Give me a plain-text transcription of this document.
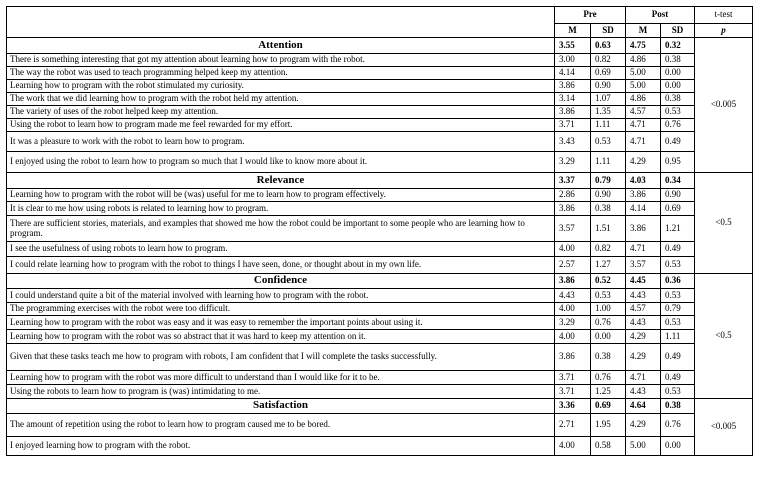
	Pre		Post		t-test
	M	SD	M	SD	p
Attention	3.55	0.63	4.75	0.32	<0.005
There is something interesting that got my attention about learning how to program with the robot.	3.00	0.82	4.86	0.38	
The way the robot was used to teach programming helped keep my attention.	4.14	0.69	5.00	0.00	
Learning how to program with the robot stimulated my curiosity.	3.86	0.90	5.00	0.00	
The work that we did learning how to program with the robot held my attention.	3.14	1.07	4.86	0.38	
The variety of uses of the robot helped keep my attention.	3.86	1.35	4.57	0.53	
Using the robot to learn how to program made me feel rewarded for my effort.	3.71	1.11	4.71	0.76	
It was a pleasure to work with the robot to learn how to program.	3.43	0.53	4.71	0.49	
I enjoyed using the robot to learn how to program so much that I would like to know more about it.	3.29	1.11	4.29	0.95	
Relevance	3.37	0.79	4.03	0.34	<0.5
Learning how to program with the robot will be (was) useful for me to learn how to program effectively.	2.86	0.90	3.86	0.90	
It is clear to me how using robots is related to learning how to program.	3.86	0.38	4.14	0.69	
There are sufficient stories, materials, and examples that showed me how the robot could be important to some people who are learning how to program.	3.57	1.51	3.86	1.21	
I see the usefulness of using robots to learn how to program.	4.00	0.82	4.71	0.49	
I could relate learning how to program with the robot to things I have seen, done, or thought about in my own life.	2.57	1.27	3.57	0.53	
Confidence	3.86	0.52	4.45	0.36	<0.5
I could understand quite a bit of the material involved with learning how to program with the robot.	4.43	0.53	4.43	0.53	
The programming exercises with the robot were too difficult.	4.00	1.00	4.57	0.79	
Learning how to program with the robot was easy and it was easy to remember the important points about using it.	3.29	0.76	4.43	0.53	
Learning how to program with the robot was so abstract that it was hard to keep my attention on it.	4.00	0.00	4.29	1.11	
Given that these tasks teach me how to program with robots, I am confident that I will complete the tasks successfully.	3.86	0.38	4.29	0.49	
Learning how to program with the robot was more difficult to understand than I would like for it to be.	3.71	0.76	4.71	0.49	
Using the robots to learn how to program is (was) intimidating to me.	3.71	1.25	4.43	0.53	
Satisfaction	3.36	0.69	4.64	0.38	<0.005
The amount of repetition using the robot to learn how to program caused me to be bored.	2.71	1.95	4.29	0.76	
I enjoyed learning how to program with the robot.	4.00	0.58	5.00	0.00	
